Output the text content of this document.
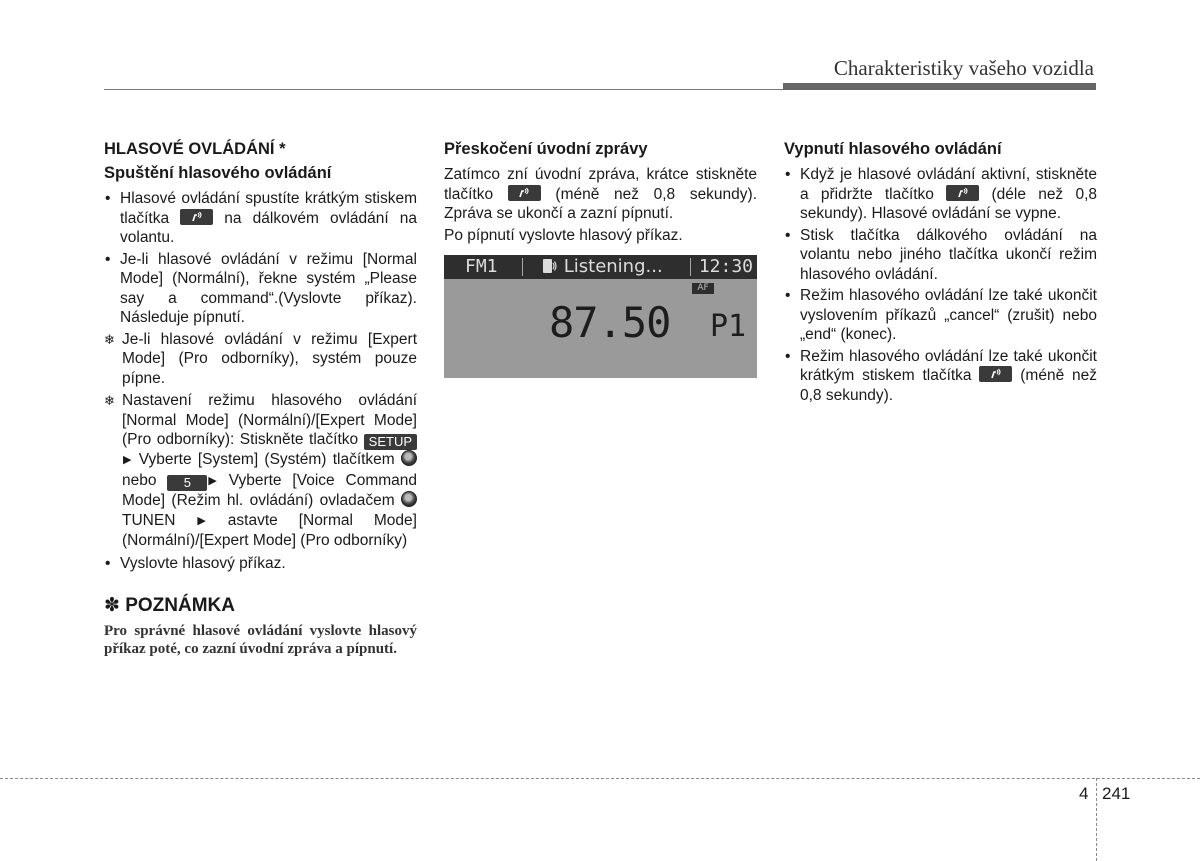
Charakteristiky vašeho vozidla
HLASOVÉ OVLÁDÁNÍ *
Spuštění hlasového ovládání
• Hlasové ovládání spustíte krátkým stiskem tlačítka	na dálkovém ovládání na volantu.
• Je-li hlasové ovládání v režimu [Normal Mode] (Normální), řekne systém „Please say a command“.(Vyslovte příkaz). Následuje pípnutí.
❄ Je-li hlasové ovládání v režimu [Expert Mode] (Pro odborníky), systém pouze pípne.
❄ Nastavení režimu hlasového ovládání [Normal Mode] (Normální)/[Expert Mode] (Pro odborníky): Stiskněte tlačítko SETUP ▶ Vyberte [System] (Systém) tlačítkem  nebo 5 ▶ Vyberte [Voice Command Mode] (Režim hl. ovládání) ovladačem  TUNEN ▶ astavte [Normal Mode] (Normální)/[Expert Mode] (Pro odborníky)
• Vyslovte hlasový příkaz.
✽ POZNÁMKA
Pro správné hlasové ovládání vyslovte hlasový příkaz poté, co zazní úvodní zpráva a pípnutí.
Přeskočení úvodní zprávy

Zatímco zní úvodní zpráva, krátce stiskněte tlačítko	(méně než 0,8 sekundy). Zpráva se ukončí a zazní pípnutí.

Po pípnutí vyslovte hlasový příkaz.

FM1	Listening... 12:30
AF
87.50 P1
Vypnutí hlasového ovládání
• Když je hlasové ovládání aktivní, stiskněte a přidržte tlačítko	(déle než 0,8 sekundy). Hlasové ovládání se vypne.
• Stisk tlačítka dálkového ovládání na volantu nebo jiného tlačítka ukončí režim hlasového ovládání.
• Režim hlasového ovládání lze také ukončit vyslovením příkazů „cancel“ (zrušit) nebo „end“ (konec).
• Režim hlasového ovládání lze také ukončit krátkým stiskem tlačítka	(méně než 0,8 sekundy).
4 241
